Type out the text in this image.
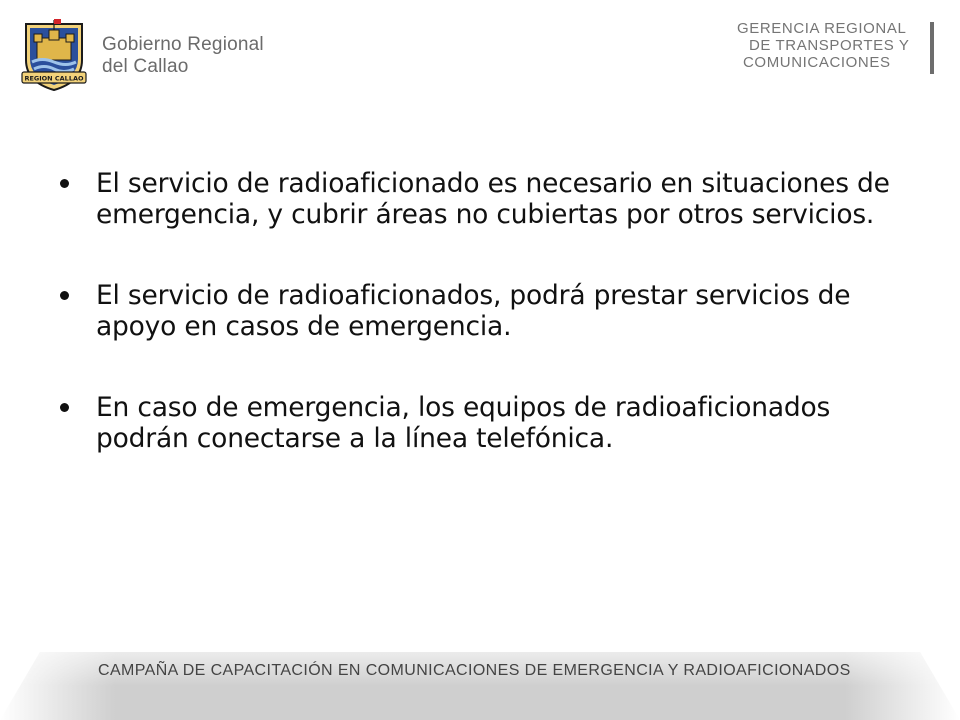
REGION CALLAO
Gobierno Regional
del Callao
GERENCIA REGIONAL
DE TRANSPORTES Y
COMUNICACIONES
El servicio de radioaficionado es necesario en situaciones de emergencia, y cubrir áreas no cubiertas por otros servicios.
El servicio de radioaficionados, podrá prestar servicios de apoyo en casos de emergencia.
En caso de emergencia, los equipos de radioaficionados podrán conectarse a la línea telefónica.
CAMPAÑA DE CAPACITACIÓN EN COMUNICACIONES DE EMERGENCIA Y RADIOAFICIONADOS
